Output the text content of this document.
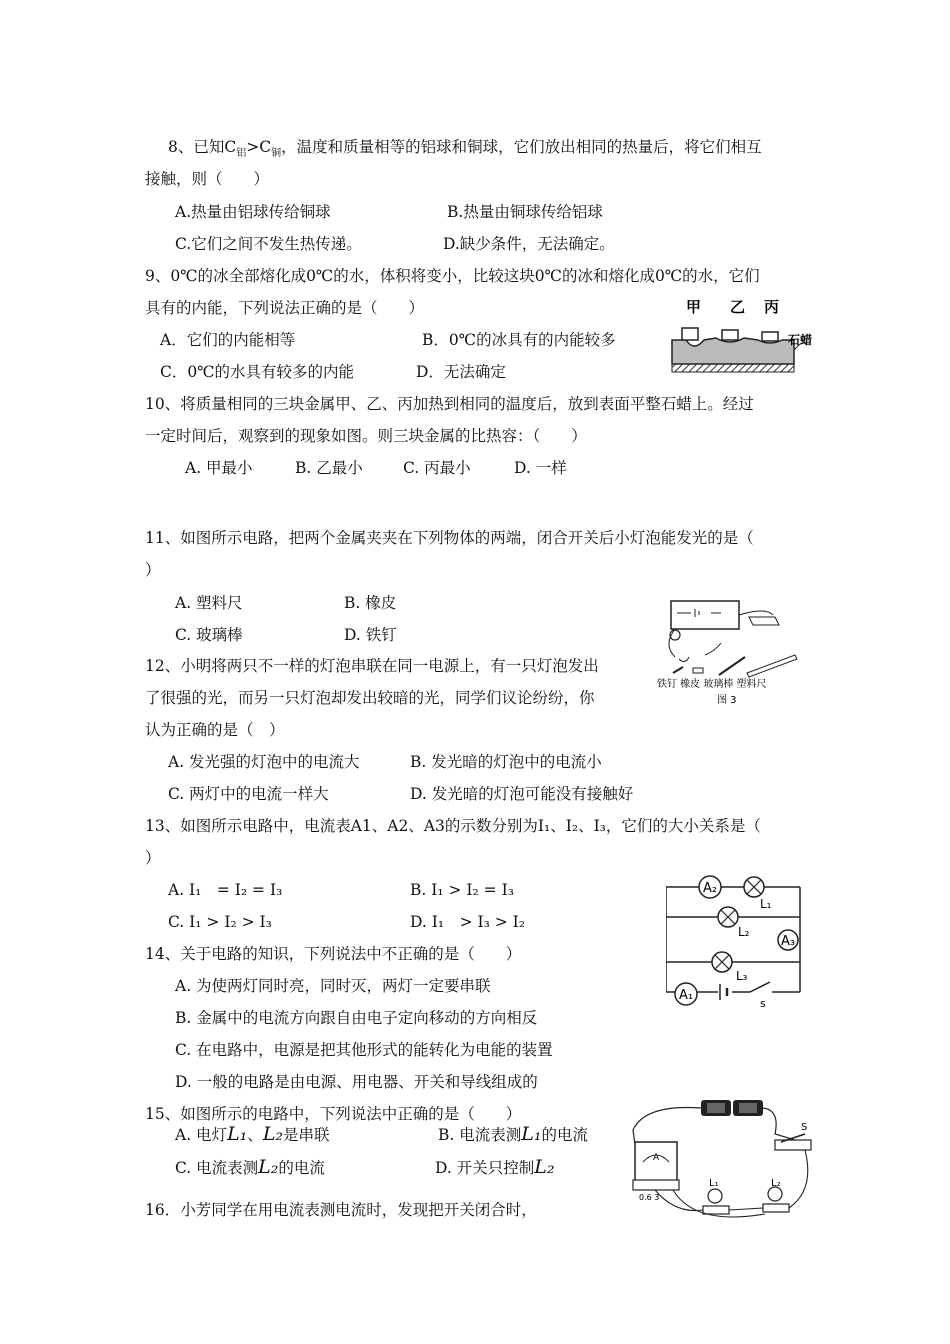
8、已知$C_铝>C_铜$，温度和质量相等的铝球和铜球，它们放出相同的热量后，将它们相互
接触，则（　　）
A.热量由铝球传给铜球	B.热量由铜球传给铝球
C.它们之间不发生热传递。	D.缺少条件，无法确定。
9、0℃的冰全部熔化成0℃的水，体积将变小，比较这块0℃的冰和熔化成0℃的水，它们
具有的内能，下列说法正确的是（　　）
A．它们的内能相等	B．0℃的冰具有的内能较多
C．0℃的水具有较多的内能	D．无法确定
甲 乙 丙
石蜡
10、将质量相同的三块金属甲、乙、丙加热到相同的温度后，放到表面平整石蜡上。经过
一定时间后，观察到的现象如图。则三块金属的比热容：（　　）
A. 甲最小	B. 乙最小	C. 丙最小	D. 一样
11、如图所示电路，把两个金属夹夹在下列物体的两端，闭合开关后小灯泡能发光的是（
）
A. 塑料尺	B. 橡皮
C. 玻璃棒	D. 铁钉
铁钉 橡皮 玻璃棒 塑料尺
图 3
12、小明将两只不一样的灯泡串联在同一电源上，有一只灯泡发出
了很强的光，而另一只灯泡却发出较暗的光，同学们议论纷纷，你
认为正确的是（　）
A. 发光强的灯泡中的电流大	B. 发光暗的灯泡中的电流小
C. 两灯中的电流一样大	D. 发光暗的灯泡可能没有接触好
13、如图所示电路中，电流表A1、A2、A3的示数分别为I₁、I₂、I₃，它们的大小关系是（
）
A. I₁　= I₂ = I₃	B. I₁ > I₂ = I₃
C. I₁ > I₂ > I₃	D. I₁　> I₃ > I₂
A₂
L₁
L₂
A₃
L₃
A₁
s
14、关于电路的知识，下列说法中不正确的是（　　）
A. 为使两灯同时亮，同时灭，两灯一定要串联
B. 金属中的电流方向跟自由电子定向移动的方向相反
C. 在电路中，电源是把其他形式的能转化为电能的装置
D. 一般的电路是由电源、用电器、开关和导线组成的
15、如图所示的电路中，下列说法中正确的是（　　）
A. 电灯L₁、L₂是串联	B. 电流表测L₁的电流
C. 电流表测L₂的电流	D. 开关只控制L₂	A
0.6 3
S
L₁	L₂
16．小芳同学在用电流表测电流时，发现把开关闭合时，
